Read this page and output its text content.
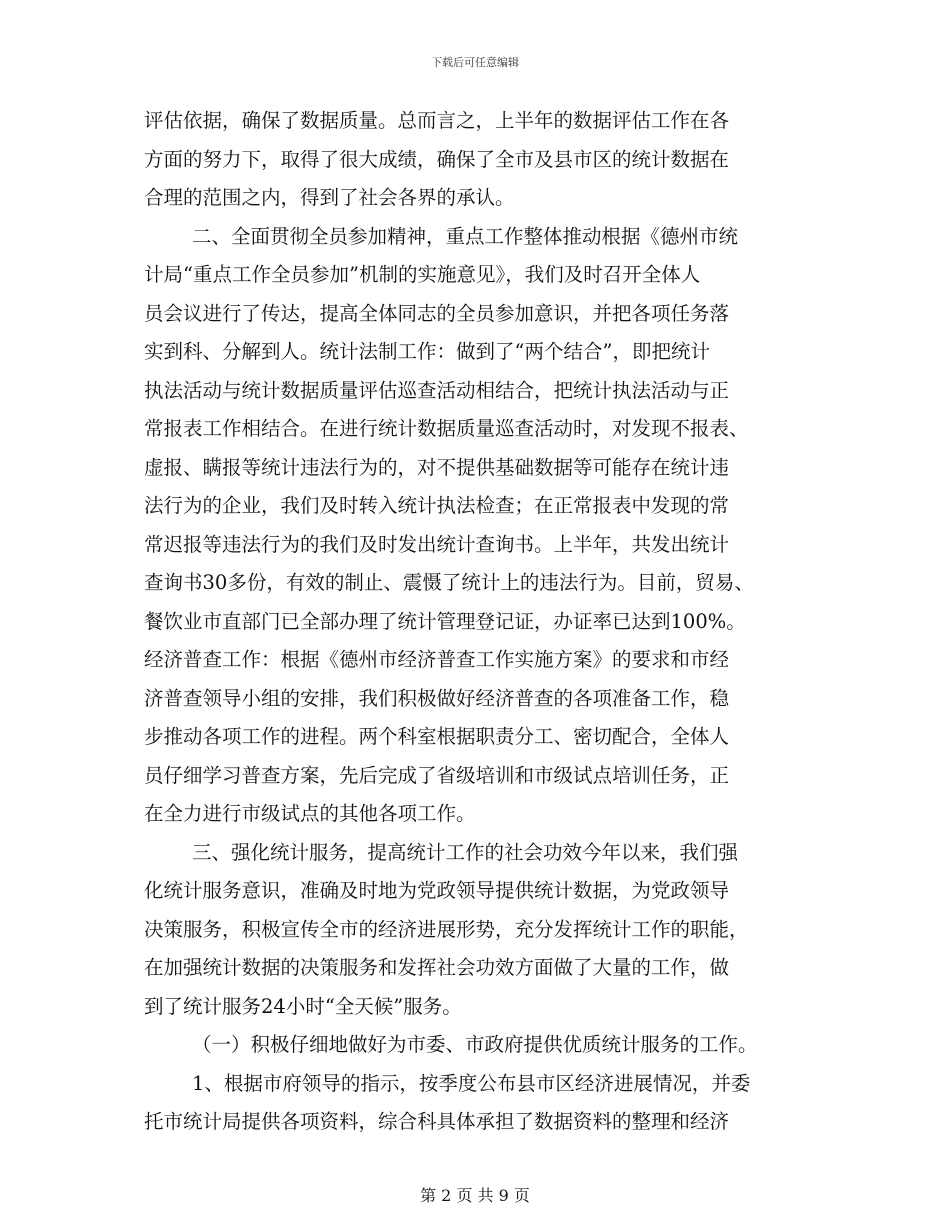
下载后可任意编辑
评估依据，确保了数据质量。总而言之，上半年的数据评估工作在各
方面的努力下，取得了很大成绩，确保了全市及县市区的统计数据在
合理的范围之内，得到了社会各界的承认。
二、全面贯彻全员参加精神，重点工作整体推动根据《德州市统
计局“重点工作全员参加”机制的实施意见》，我们及时召开全体人
员会议进行了传达，提高全体同志的全员参加意识，并把各项任务落
实到科、分解到人。统计法制工作：做到了“两个结合”，即把统计
执法活动与统计数据质量评估巡查活动相结合，把统计执法活动与正
常报表工作相结合。在进行统计数据质量巡查活动时，对发现不报表、
虚报、瞒报等统计违法行为的，对不提供基础数据等可能存在统计违
法行为的企业，我们及时转入统计执法检查；在正常报表中发现的常
常迟报等违法行为的我们及时发出统计查询书。上半年，共发出统计
查询书30多份，有效的制止、震慑了统计上的违法行为。目前，贸易、
餐饮业市直部门已全部办理了统计管理登记证，办证率已达到100%。
经济普查工作：根据《德州市经济普查工作实施方案》的要求和市经
济普查领导小组的安排，我们积极做好经济普查的各项准备工作，稳
步推动各项工作的进程。两个科室根据职责分工、密切配合，全体人
员仔细学习普查方案，先后完成了省级培训和市级试点培训任务，正
在全力进行市级试点的其他各项工作。
三、强化统计服务，提高统计工作的社会功效今年以来，我们强
化统计服务意识，准确及时地为党政领导提供统计数据，为党政领导
决策服务，积极宣传全市的经济进展形势，充分发挥统计工作的职能，
在加强统计数据的决策服务和发挥社会功效方面做了大量的工作，做
到了统计服务24小时“全天候”服务。
（一）积极仔细地做好为市委、市政府提供优质统计服务的工作。
1、根据市府领导的指示，按季度公布县市区经济进展情况，并委
托市统计局提供各项资料，综合科具体承担了数据资料的整理和经济
第 2 页 共 9 页
